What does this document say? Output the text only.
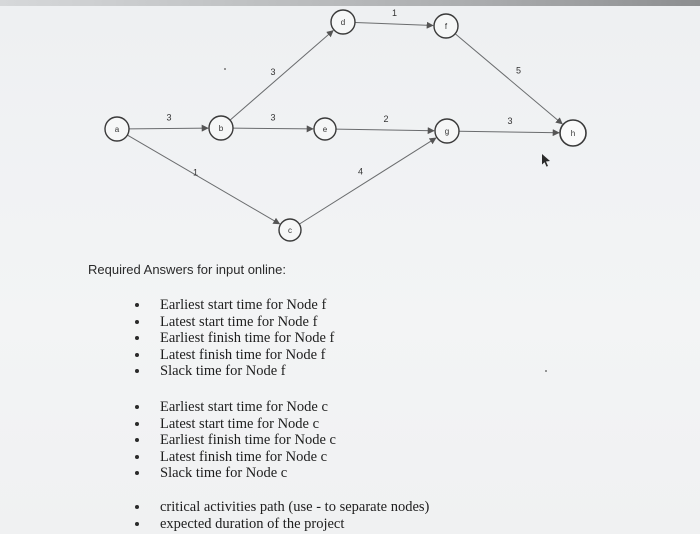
3
1
3
3
4
1
2
5
3
a	b
c
d
e
f
g	h
Required Answers for input online:
Earliest start time for Node f
Latest start time for Node f
Earliest finish time for Node f
Latest finish time for Node f
Slack time for Node f
Earliest start time for Node c
Latest start time for Node c
Earliest finish time for Node c
Latest finish time for Node c
Slack time for Node c
critical activities path (use - to separate nodes)
expected duration of the project
